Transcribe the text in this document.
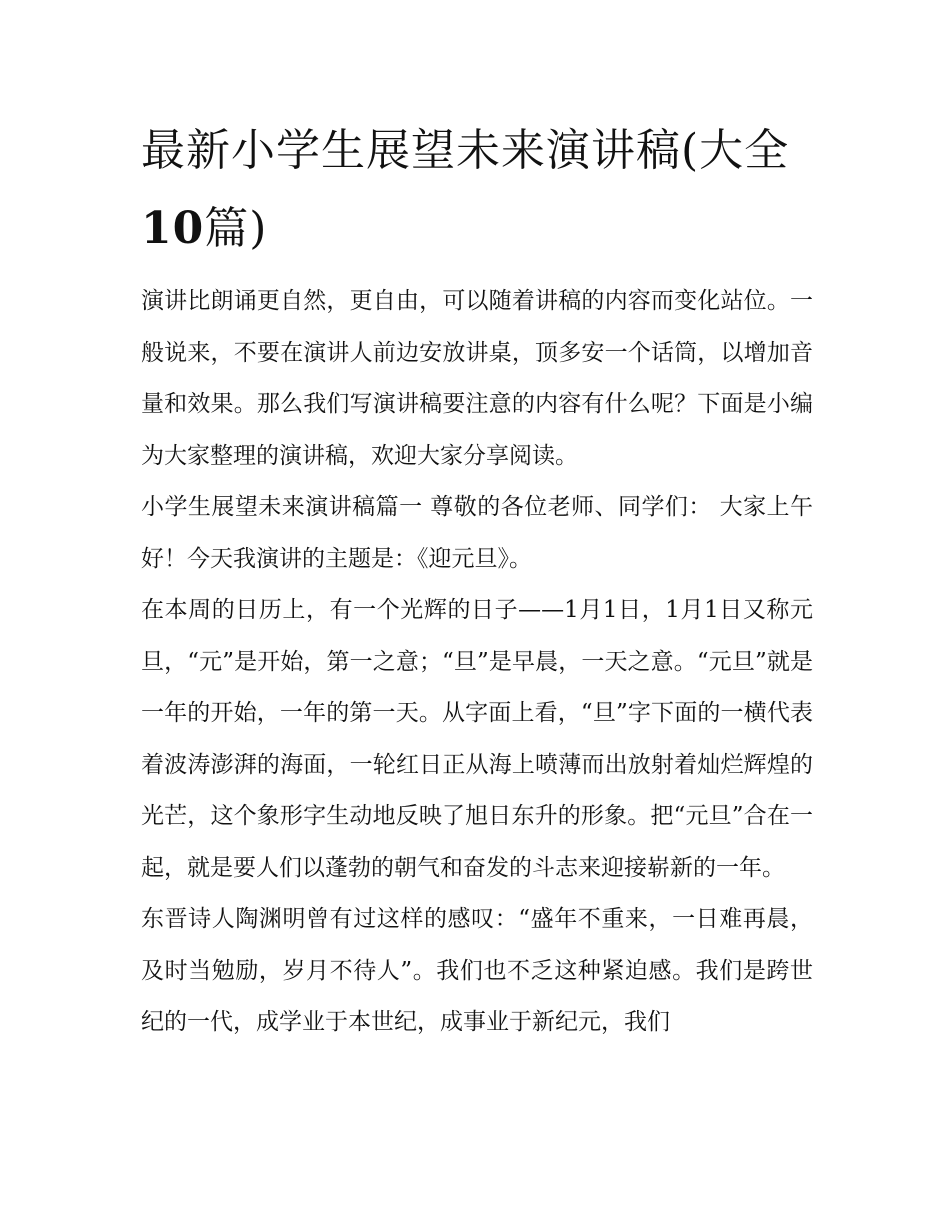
最新小学生展望未来演讲稿(大全10篇)

演讲比朗诵更自然，更自由，可以随着讲稿的内容而变化站位。一般说来，不要在演讲人前边安放讲桌，顶多安一个话筒，以增加音量和效果。那么我们写演讲稿要注意的内容有什么呢？下面是小编为大家整理的演讲稿，欢迎大家分享阅读。

小学生展望未来演讲稿篇一 尊敬的各位老师、同学们： 大家上午好！今天我演讲的主题是：《迎元旦》。

在本周的日历上，有一个光辉的日子——1月1日，1月1日又称元旦，“元”是开始，第一之意；“旦”是早晨，一天之意。“元旦”就是一年的开始，一年的第一天。从字面上看，“旦”字下面的一横代表着波涛澎湃的海面，一轮红日正从海上喷薄而出放射着灿烂辉煌的光芒，这个象形字生动地反映了旭日东升的形象。把“元旦”合在一起，就是要人们以蓬勃的朝气和奋发的斗志来迎接崭新的一年。

东晋诗人陶渊明曾有过这样的感叹：“盛年不重来，一日难再晨，及时当勉励，岁月不待人”。我们也不乏这种紧迫感。我们是跨世纪的一代，成学业于本世纪，成事业于新纪元，我们
